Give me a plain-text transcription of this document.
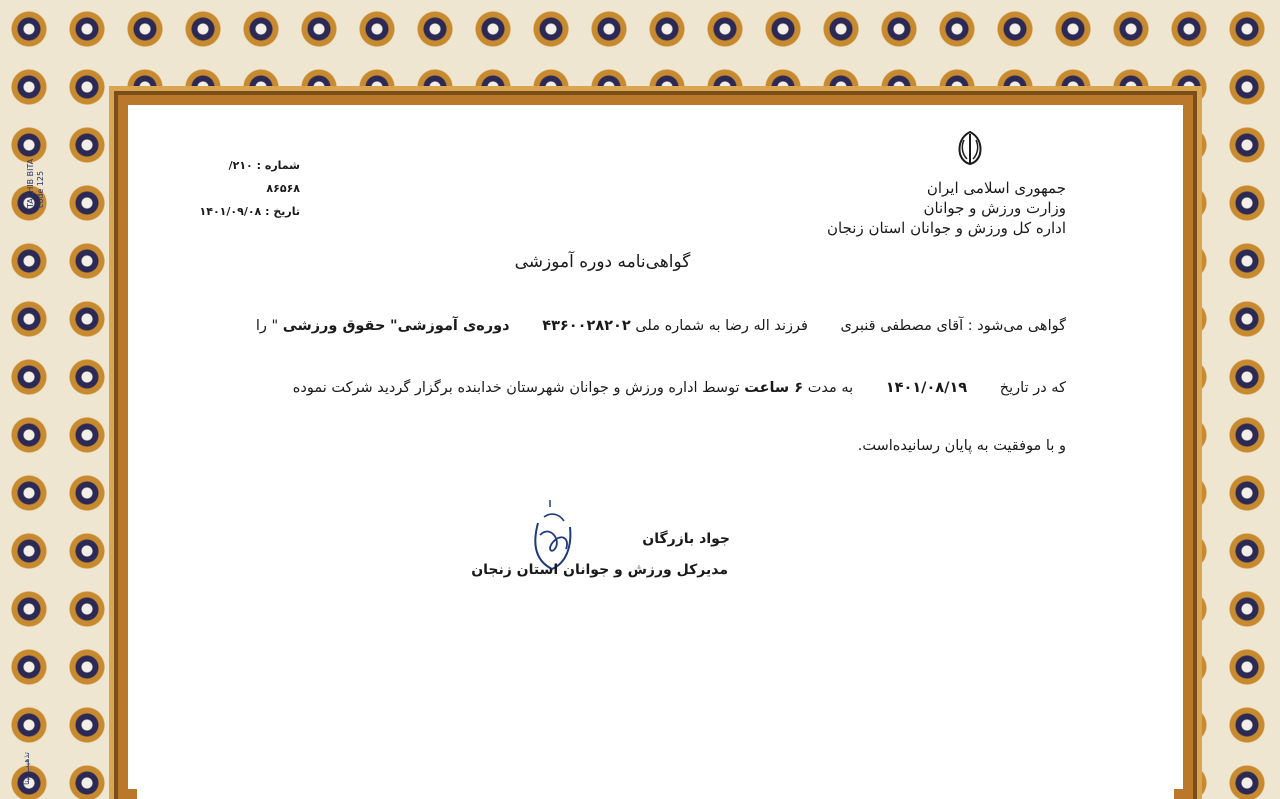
TAZHIB BITA code 125
تذهیب بیتا
جمهوری اسلامی ایران
وزارت ورزش و جوانان
اداره کل ورزش و جوانان استان زنجان
شماره : ۲۱۰/ ۸۶۵۶۸
تاریخ : ۱۴۰۱/۰۹/۰۸
گواهی‌نامه دوره آموزشی
گواهی می‌شود : آقای مصطفی قنبری فرزند اله رضا به شماره ملی ۴۳۶۰۰۲۸۲۰۲ دوره‌ی آموزشی" حقوق ورزشی " را
که در تاریخ ۱۴۰۱/۰۸/۱۹ به مدت ۶ ساعت توسط اداره ورزش و جوانان شهرستان خدابنده برگزار گردید شرکت نموده
و با موفقیت به پایان رسانیده‌است.
جواد بازرگان
مدیرکل ورزش و جوانان استان زنجان
